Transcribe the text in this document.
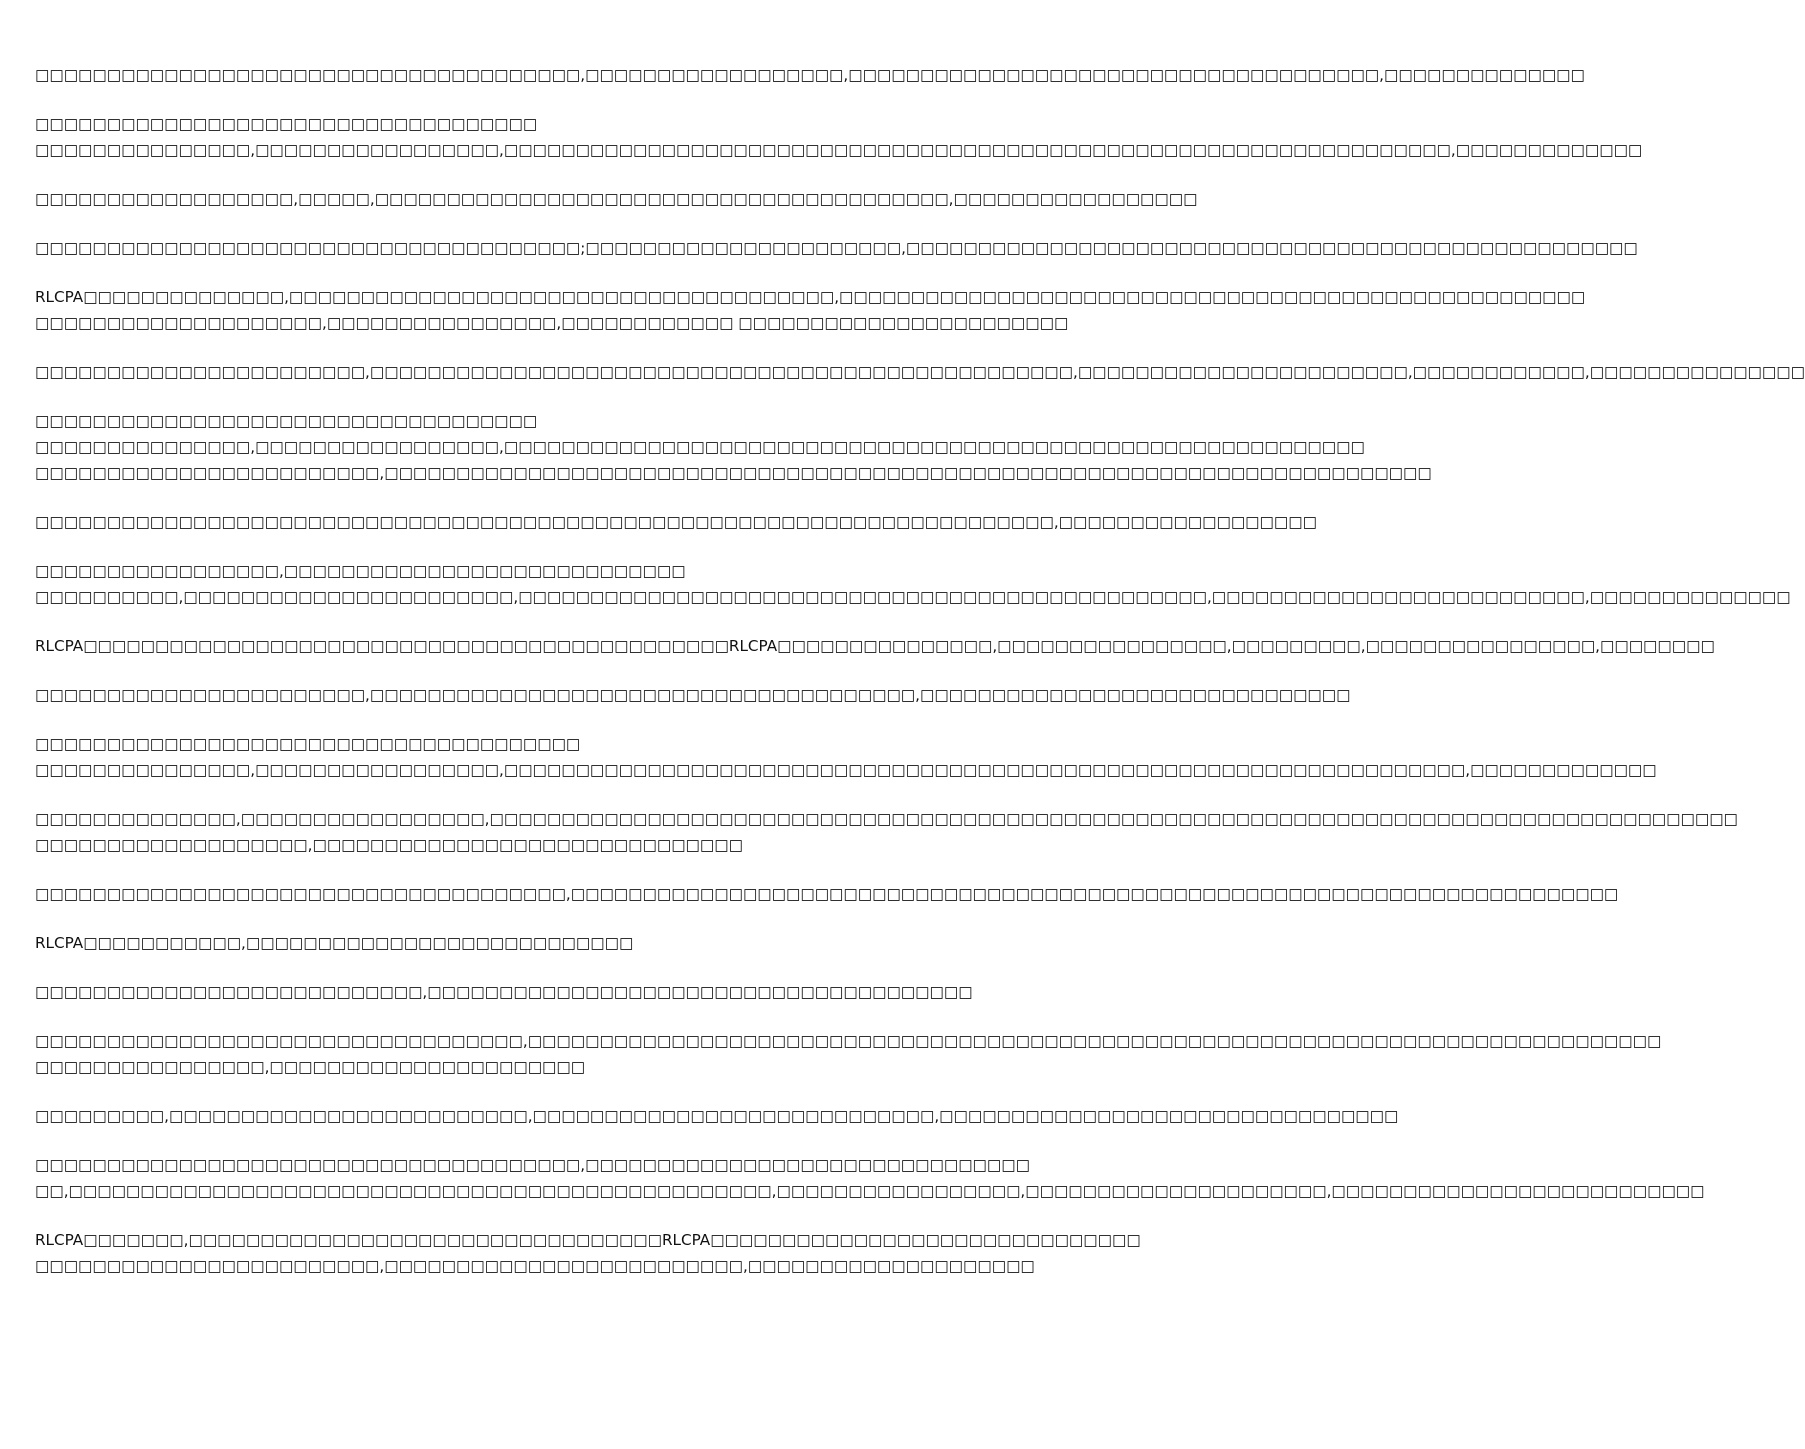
□□□□□□□□□□□□□□□□□□□□□□□□□□□□□□□□□□□□□□,□□□□□□□□□□□□□□□□□□,□□□□□□□□□□□□□□□□□□□□□□□□□□□□□□□□□□□□□,□□□□□□□□□□□□□□
□□□□□□□□□□□□□□□□□□□□□□□□□□□□□□□□□□□
□□□□□□□□□□□□□□□,□□□□□□□□□□□□□□□□□,□□□□□□□□□□□□□□□□□□□□□□□□□□□□□□□□□□□□□□□□□□□□□□□□□□□□□□□□□□□□□□□□□□,□□□□□□□□□□□□□
□□□□□□□□□□□□□□□□□□,□□□□□,□□□□□□□□□□□□□□□□□□□□□□□□□□□□□□□□□□□□□□□□,□□□□□□□□□□□□□□□□□
□□□□□□□□□□□□□□□□□□□□□□□□□□□□□□□□□□□□□□;□□□□□□□□□□□□□□□□□□□□□□,□□□□□□□□□□□□□□□□□□□□□□□□□□□□□□□□□□□□□□□□□□□□□□□□□□□
RLCPA□□□□□□□□□□□□□□,□□□□□□□□□□□□□□□□□□□□□□□□□□□□□□□□□□□□□□,□□□□□□□□□□□□□□□□□□□□□□□□□□□□□□□□□□□□□□□□□□□□□□□□□□□□
□□□□□□□□□□□□□□□□□□□□,□□□□□□□□□□□□□□□□,□□□□□□□□□□□□ □□□□□□□□□□□□□□□□□□□□□□□
□□□□□□□□□□□□□□□□□□□□□□□,□□□□□□□□□□□□□□□□□□□□□□□□□□□□□□□□□□□□□□□□□□□□□□□□□,□□□□□□□□□□□□□□□□□□□□□□□,□□□□□□□□□□□□,□□□□□□□□□□□□□□□
□□□□□□□□□□□□□□□□□□□□□□□□□□□□□□□□□□□
□□□□□□□□□□□□□□□,□□□□□□□□□□□□□□□□□,□□□□□□□□□□□□□□□□□□□□□□□□□□□□□□□□□□□□□□□□□□□□□□□□□□□□□□□□□□□□
□□□□□□□□□□□□□□□□□□□□□□□□,□□□□□□□□□□□□□□□□□□□□□□□□□□□□□□□□□□□□□□□□□□□□□□□□□□□□□□□□□□□□□□□□□□□□□□□□□
□□□□□□□□□□□□□□□□□□□□□□□□□□□□□□□□□□□□□□□□□□□□□□□□□□□□□□□□□□□□□□□□□□□□□□□,□□□□□□□□□□□□□□□□□□
□□□□□□□□□□□□□□□□□,□□□□□□□□□□□□□□□□□□□□□□□□□□□□
□□□□□□□□□□,□□□□□□□□□□□□□□□□□□□□□□□,□□□□□□□□□□□□□□□□□□□□□□□□□□□□□□□□□□□□□□□□□□□□□□□□,□□□□□□□□□□□□□□□□□□□□□□□□□□,□□□□□□□□□□□□□□
RLCPA□□□□□□□□□□□□□□□□□□□□□□□□□□□□□□□□□□□□□□□□□□□□□RLCPA□□□□□□□□□□□□□□□,□□□□□□□□□□□□□□□□,□□□□□□□□□,□□□□□□□□□□□□□□□□,□□□□□□□□
□□□□□□□□□□□□□□□□□□□□□□□,□□□□□□□□□□□□□□□□□□□□□□□□□□□□□□□□□□□□□□,□□□□□□□□□□□□□□□□□□□□□□□□□□□□□□
□□□□□□□□□□□□□□□□□□□□□□□□□□□□□□□□□□□□□□
□□□□□□□□□□□□□□□,□□□□□□□□□□□□□□□□□,□□□□□□□□□□□□□□□□□□□□□□□□□□□□□□□□□□□□□□□□□□□□□□□□□□□□□□□□□□□□□□□□□□□,□□□□□□□□□□□□□
□□□□□□□□□□□□□□,□□□□□□□□□□□□□□□□□,□□□□□□□□□□□□□□□□□□□□□□□□□□□□□□□□□□□□□□□□□□□□□□□□□□□□□□□□□□□□□□□□□□□□□□□□□□□□□□□□□□□□□□□
□□□□□□□□□□□□□□□□□□□,□□□□□□□□□□□□□□□□□□□□□□□□□□□□□□
□□□□□□□□□□□□□□□□□□□□□□□□□□□□□□□□□□□□□,□□□□□□□□□□□□□□□□□□□□□□□□□□□□□□□□□□□□□□□□□□□□□□□□□□□□□□□□□□□□□□□□□□□□□□□□□
RLCPA□□□□□□□□□□□,□□□□□□□□□□□□□□□□□□□□□□□□□□□
□□□□□□□□□□□□□□□□□□□□□□□□□□□,□□□□□□□□□□□□□□□□□□□□□□□□□□□□□□□□□□□□□□
□□□□□□□□□□□□□□□□□□□□□□□□□□□□□□□□□□,□□□□□□□□□□□□□□□□□□□□□□□□□□□□□□□□□□□□□□□□□□□□□□□□□□□□□□□□□□□□□□□□□□□□□□□□□□□□□□□
□□□□□□□□□□□□□□□□,□□□□□□□□□□□□□□□□□□□□□□
□□□□□□□□□,□□□□□□□□□□□□□□□□□□□□□□□□□,□□□□□□□□□□□□□□□□□□□□□□□□□□□□,□□□□□□□□□□□□□□□□□□□□□□□□□□□□□□□□
□□□□□□□□□□□□□□□□□□□□□□□□□□□□□□□□□□□□□□,□□□□□□□□□□□□□□□□□□□□□□□□□□□□□□□
□□,□□□□□□□□□□□□□□□□□□□□□□□□□□□□□□□□□□□□□□□□□□□□□□□□□,□□□□□□□□□□□□□□□□□,□□□□□□□□□□□□□□□□□□□□□,□□□□□□□□□□□□□□□□□□□□□□□□□□
RLCPA□□□□□□□,□□□□□□□□□□□□□□□□□□□□□□□□□□□□□□□□□RLCPA□□□□□□□□□□□□□□□□□□□□□□□□□□□□□□
□□□□□□□□□□□□□□□□□□□□□□□□,□□□□□□□□□□□□□□□□□□□□□□□□□,□□□□□□□□□□□□□□□□□□□□
